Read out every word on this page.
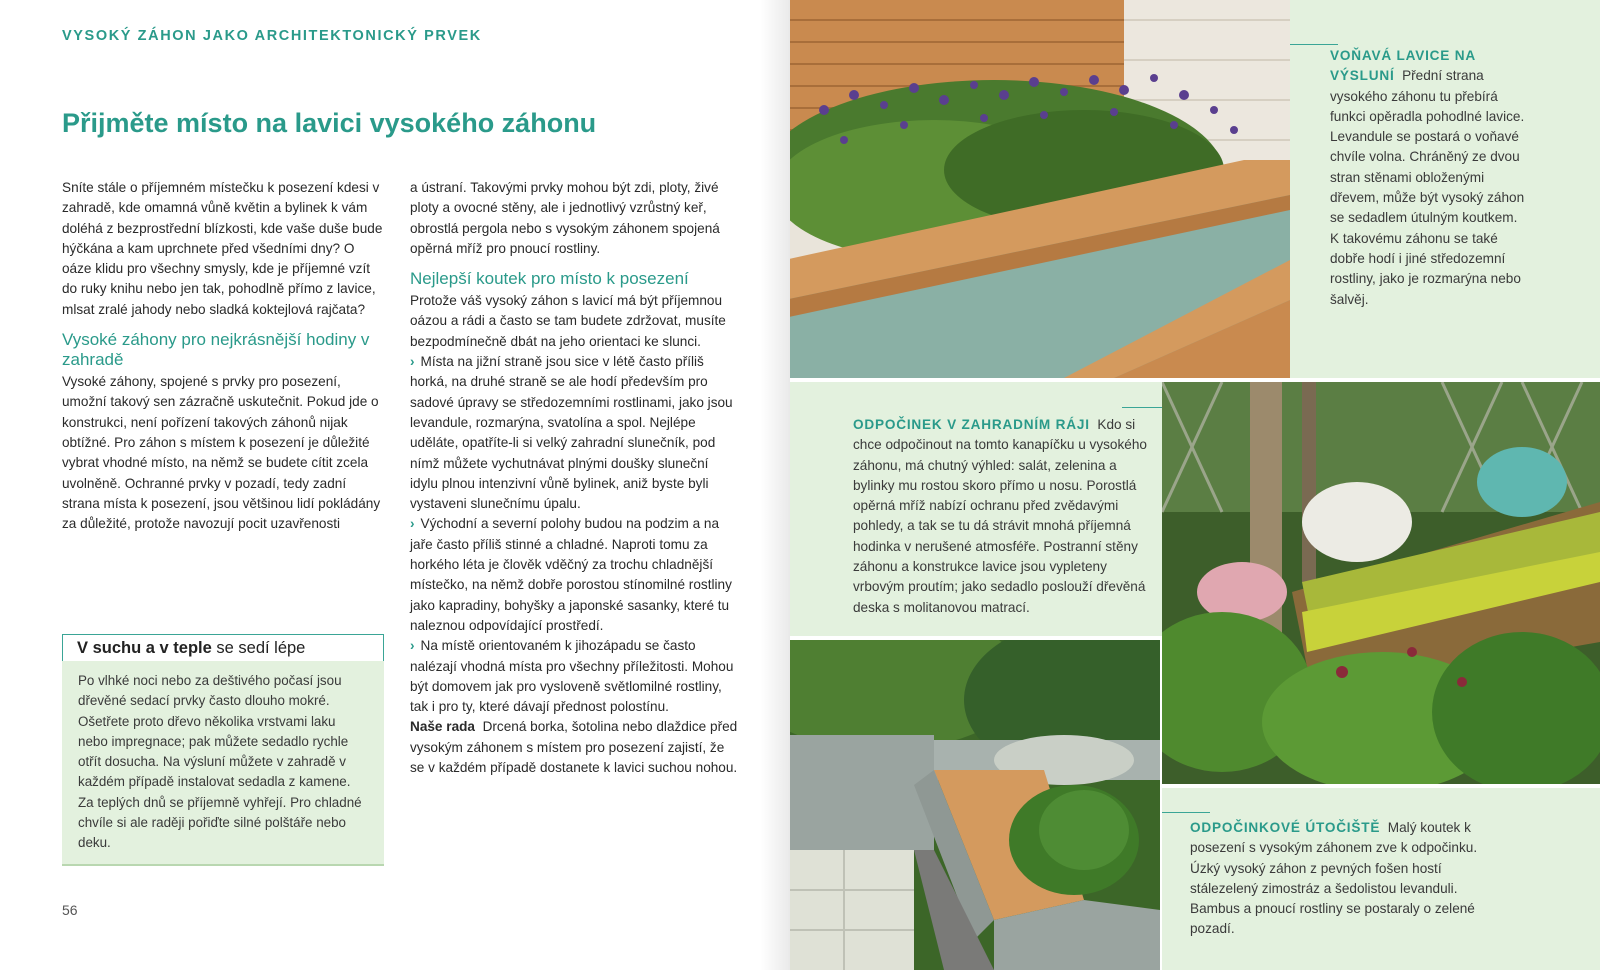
VYSOKÝ ZÁHON JAKO ARCHITEKTONICKÝ PRVEK
Přijměte místo na lavici vysokého záhonu

Sníte stále o příjemném místečku k posezení kdesi v zahradě, kde omamná vůně květin a bylinek k vám doléhá z bezprostřední blízkosti, kde vaše duše bude hýčkána a kam uprchnete před všedními dny? O oáze klidu pro všechny smysly, kde je příjemné vzít do ruky knihu nebo jen tak, pohodlně přímo z lavice, mlsat zralé jahody nebo sladká koktejlová rajčata?

Vysoké záhony pro nejkrásnější hodiny v zahradě

Vysoké záhony, spojené s prvky pro posezení, umožní takový sen zázračně uskutečnit. Pokud jde o konstrukci, není pořízení takových záhonů nijak obtížné. Pro záhon s místem k posezení je důležité vybrat vhodné místo, na němž se budete cítit zcela uvolněně. Ochranné prvky v pozadí, tedy zadní strana místa k posezení, jsou většinou lidí pokládány za důležité, protože navozují pocit uzavřenosti

a ústraní. Takovými prvky mohou být zdi, ploty, živé ploty a ovocné stěny, ale i jednotlivý vzrůstný keř, obrostlá pergola nebo s vysokým záhonem spojená opěrná mříž pro pnoucí rostliny.

Nejlepší koutek pro místo k posezení

Protože váš vysoký záhon s lavicí má být příjemnou oázou a rádi a často se tam budete zdržovat, musíte bezpodmínečně dbát na jeho orientaci ke slunci.

› Místa na jižní straně jsou sice v létě často příliš horká, na druhé straně se ale hodí především pro sadové úpravy se středozemními rostlinami, jako jsou levandule, rozmarýna, svatolína a spol. Nejlépe uděláte, opatříte-li si velký zahradní slunečník, pod nímž můžete vychutnávat plnými doušky sluneční idylu plnou intenzivní vůně bylinek, aniž byste byli vystaveni slunečnímu úpalu.

› Východní a severní polohy budou na podzim a na jaře často příliš stinné a chladné. Naproti tomu za horkého léta je člověk vděčný za trochu chladnější místečko, na němž dobře porostou stínomilné rostliny jako kapradiny, bohyšky a japonské sasanky, které tu naleznou odpovídající prostředí.

› Na místě orientovaném k jihozápadu se často nalézají vhodná místa pro všechny příležitosti. Mohou být domovem jak pro vysloveně světlomilné rostliny, tak i pro ty, které dávají přednost polostínu.

Naše rada Drcená borka, šotolina nebo dlaždice před vysokým záhonem s místem pro posezení zajistí, že se v každém případě dostanete k lavici suchou nohou.

V suchu a v teple se sedí lépe
Po vlhké noci nebo za deštivého počasí jsou dřevěné sedací prvky často dlouho mokré. Ošetřete proto dřevo několika vrstvami laku nebo impregnace; pak můžete sedadlo rychle otřít dosucha. Na výsluní můžete v zahradě v každém případě instalovat sedadla z kamene. Za teplých dnů se příjemně vyhřejí. Pro chladné chvíle si ale raději pořiďte silné polštáře nebo deku.
56
VOŇAVÁ LAVICE NA VÝSLUNÍ Přední strana vysokého záhonu tu přebírá funkci opěradla pohodlné lavice. Levandule se postará o voňavé chvíle volna. Chráněný ze dvou stran stěnami obloženými dřevem, může být vysoký záhon se sedadlem útulným koutkem. K takovému záhonu se také dobře hodí i jiné středozemní rostliny, jako je rozmarýna nebo šalvěj.
ODPOČINEK V ZAHRADNÍM RÁJI Kdo si chce odpočinout na tomto kanapíčku u vysokého záhonu, má chutný výhled: salát, zelenina a bylinky mu rostou skoro přímo u nosu. Porostlá opěrná mříž nabízí ochranu před zvědavými pohledy, a tak se tu dá strávit mnohá příjemná hodinka v nerušené atmosféře. Postranní stěny záhonu a konstrukce lavice jsou vypleteny vrbovým proutím; jako sedadlo poslouží dřevěná deska s molitanovou matrací.
ODPOČINKOVÉ ÚTOČIŠTĚ Malý koutek k posezení s vysokým záhonem zve k odpočinku. Úzký vysoký záhon z pevných fošen hostí stálezelený zimostráz a šedolistou levanduli. Bambus a pnoucí rostliny se postaraly o zelené pozadí.
